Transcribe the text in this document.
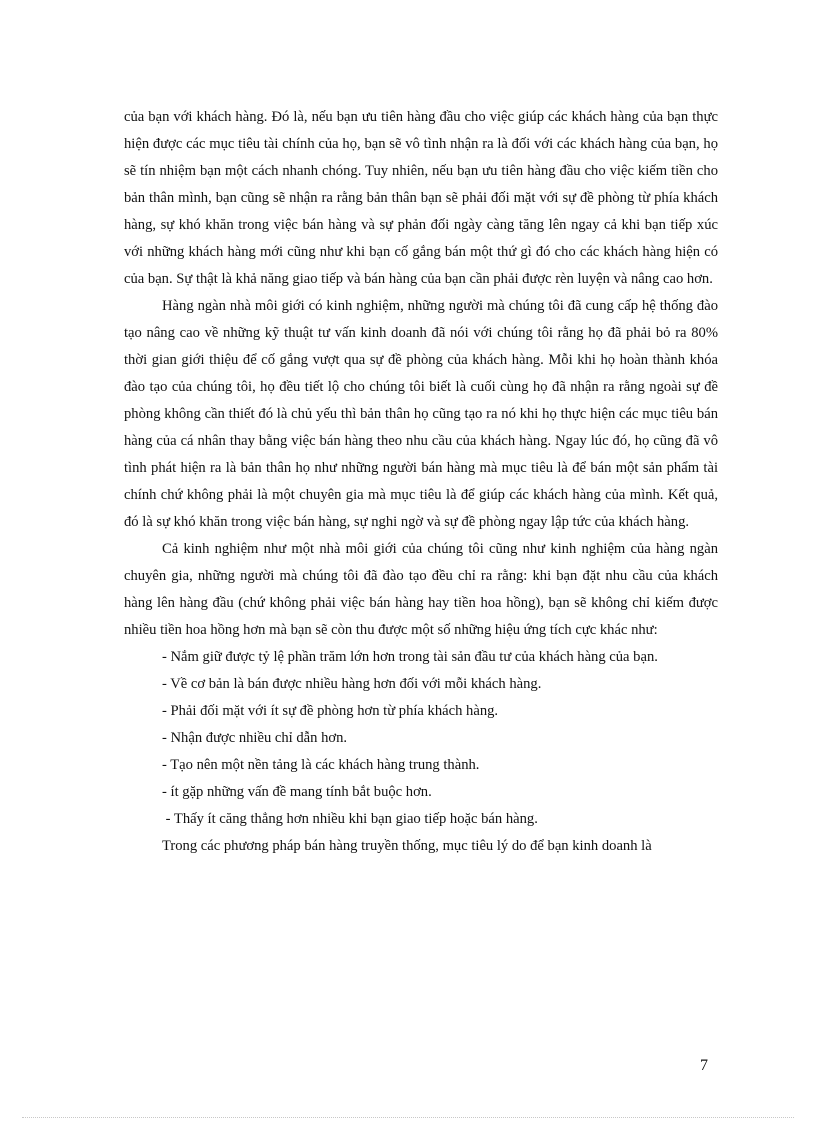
của bạn với khách hàng. Đó là, nếu bạn ưu tiên hàng đầu cho việc giúp các khách hàng của bạn thực hiện được các mục tiêu tài chính của họ, bạn sẽ vô tình nhận ra là đối với các khách hàng của bạn, họ sẽ tín nhiệm bạn một cách nhanh chóng. Tuy nhiên, nếu bạn ưu tiên hàng đầu cho việc kiếm tiền cho bản thân mình, bạn cũng sẽ nhận ra rằng bản thân bạn sẽ phải đối mặt với sự đề phòng từ phía khách hàng, sự khó khăn trong việc bán hàng và sự phản đối ngày càng tăng lên ngay cả khi bạn tiếp xúc với những khách hàng mới cũng như khi bạn cố gắng bán một thứ gì đó cho các khách hàng hiện có của bạn. Sự thật là khả năng giao tiếp và bán hàng của bạn cần phải được rèn luyện và nâng cao hơn.

Hàng ngàn nhà môi giới có kinh nghiệm, những người mà chúng tôi đã cung cấp hệ thống đào tạo nâng cao về những kỹ thuật tư vấn kinh doanh đã nói với chúng tôi rằng họ đã phải bỏ ra 80% thời gian giới thiệu để cố gắng vượt qua sự đề phòng của khách hàng. Mỗi khi họ hoàn thành khóa đào tạo của chúng tôi, họ đều tiết lộ cho chúng tôi biết là cuối cùng họ đã nhận ra rằng ngoài sự đề phòng không cần thiết đó là chủ yếu thì bản thân họ cũng tạo ra nó khi họ thực hiện các mục tiêu bán hàng của cá nhân thay bằng việc bán hàng theo nhu cầu của khách hàng. Ngay lúc đó, họ cũng đã vô tình phát hiện ra là bản thân họ như những người bán hàng mà mục tiêu là để bán một sản phẩm tài chính chứ không phải là một chuyên gia mà mục tiêu là để giúp các khách hàng của mình. Kết quả, đó là sự khó khăn trong việc bán hàng, sự nghi ngờ và sự đề phòng ngay lập tức của khách hàng.

Cả kinh nghiệm như một nhà môi giới của chúng tôi cũng như kinh nghiệm của hàng ngàn chuyên gia, những người mà chúng tôi đã đào tạo đều chỉ ra rằng: khi bạn đặt nhu cầu của khách hàng lên hàng đầu (chứ không phải việc bán hàng hay tiền hoa hồng), bạn sẽ không chỉ kiếm được nhiều tiền hoa hồng hơn mà bạn sẽ còn thu được một số những hiệu ứng tích cực khác như:

- Nắm giữ được tỷ lệ phần trăm lớn hơn trong tài sản đầu tư của khách hàng của bạn.

- Về cơ bản là bán được nhiều hàng hơn đối với mỗi khách hàng.

- Phải đối mặt với ít sự đề phòng hơn từ phía khách hàng.

- Nhận được nhiều chỉ dẫn hơn.

- Tạo nên một nền tảng là các khách hàng trung thành.

- ít gặp những vấn đề mang tính bắt buộc hơn.

- Thấy ít căng thẳng hơn nhiều khi bạn giao tiếp hoặc bán hàng.

Trong các phương pháp bán hàng truyền thống, mục tiêu lý do để bạn kinh doanh là

7
